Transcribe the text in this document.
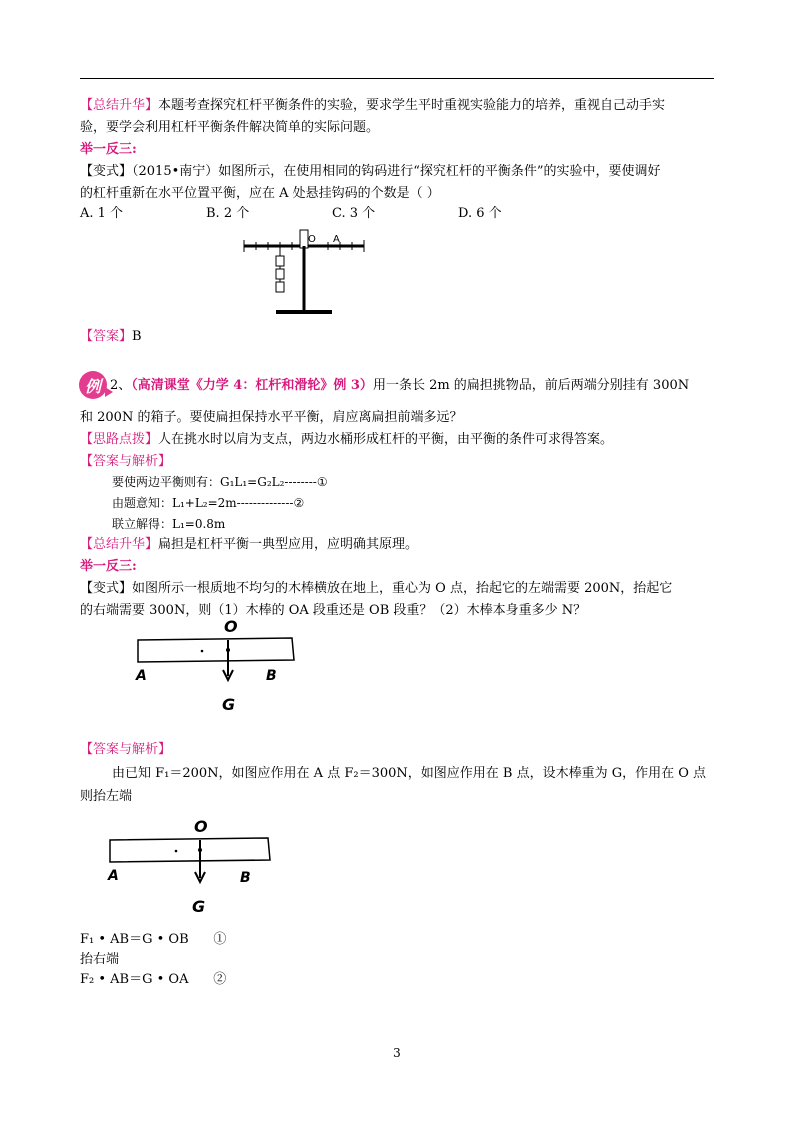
【总结升华】本题考查探究杠杆平衡条件的实验，要求学生平时重视实验能力的培养，重视自己动手实
验，要学会利用杠杆平衡条件解决简单的实际问题。
举一反三:
【变式】（2015•南宁）如图所示，在使用相同的钩码进行“探究杠杆的平衡条件”的实验中，要使调好
的杠杆重新在水平位置平衡，应在 A 处悬挂钩码的个数是（ ）
A. 1 个	B. 2 个	C. 3 个	D. 6 个
O A
【答案】B
例 2、（高清课堂《力学 4：杠杆和滑轮》例 3）用一条长 2m 的扁担挑物品，前后两端分别挂有 300N
和 200N 的箱子。要使扁担保持水平平衡，肩应离扁担前端多远？
【思路点拨】人在挑水时以肩为支点，两边水桶形成杠杆的平衡，由平衡的条件可求得答案。
【答案与解析】
要使两边平衡则有：G₁L₁=G₂L₂--------①
由题意知：L₁+L₂=2m--------------②
联立解得：L₁=0.8m
【总结升华】扁担是杠杆平衡一典型应用，应明确其原理。
举一反三:
【变式】如图所示一根质地不均匀的木棒横放在地上，重心为 O 点，抬起它的左端需要 200N，抬起它
的右端需要 300N，则（1）木棒的 OA 段重还是 OB 段重？（2）木棒本身重多少 N？
O
A	B
G
【答案与解析】
由已知 F₁＝200N，如图应作用在 A 点 F₂＝300N，如图应作用在 B 点，设木棒重为 G，作用在 O 点
则抬左端
O
A	B
G
F₁ • AB＝G • OB      ①
抬右端
F₂ • AB＝G • OA      ②
3
